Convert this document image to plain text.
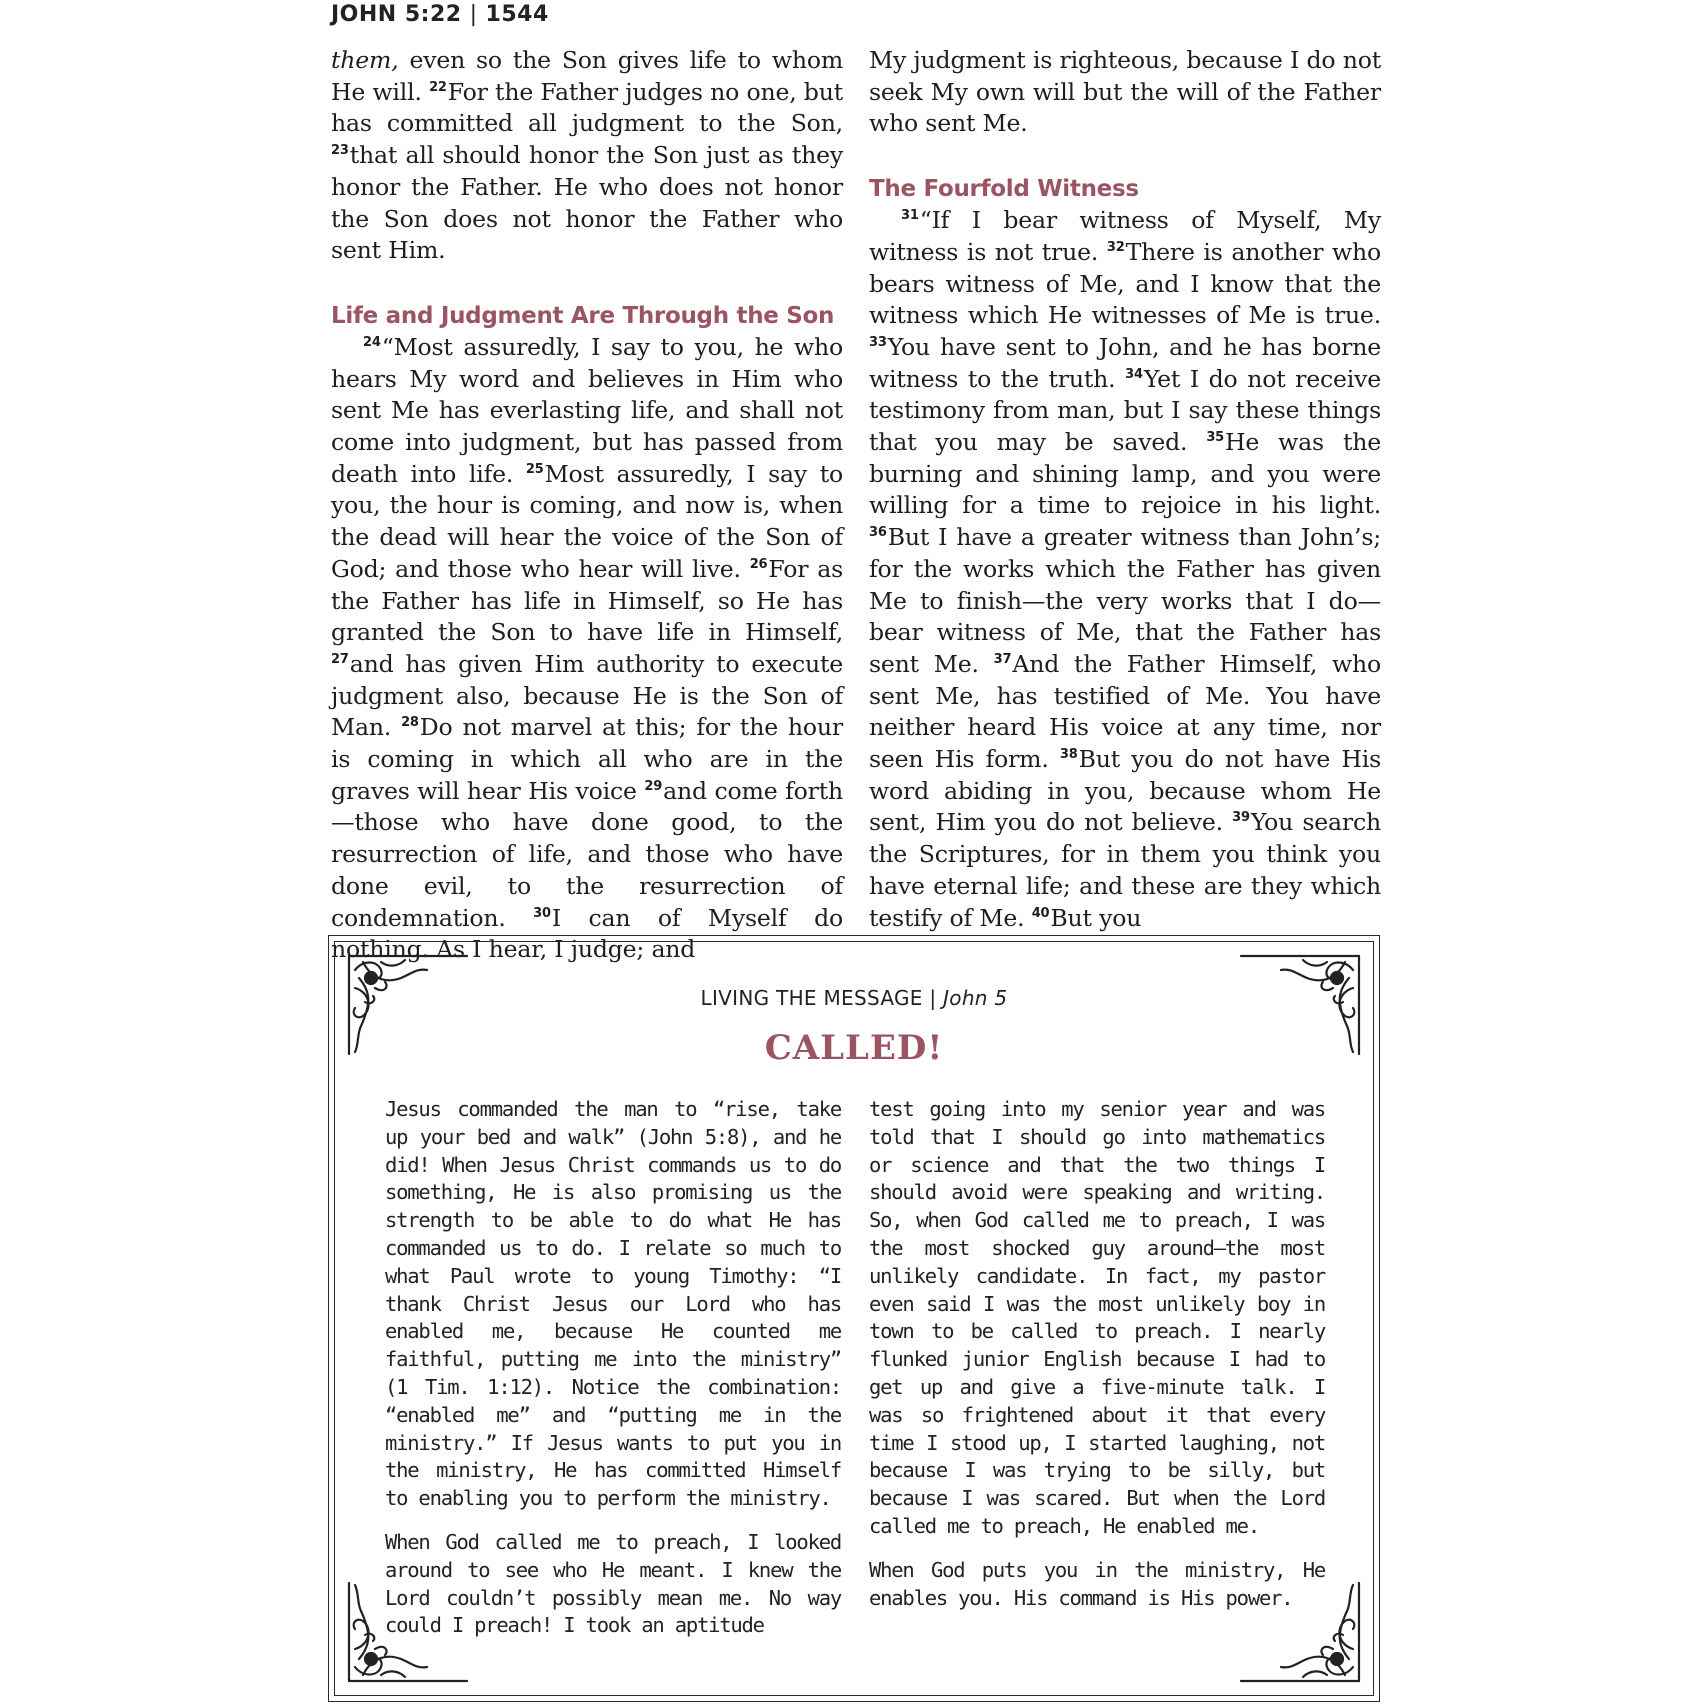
JOHN 5:22 | 1544

them, even so the Son gives life to whom He will. $^{22}$For the Father judges no one, but has committed all judgment to the Son, $^{23}$that all should honor the Son just as they honor the Father. He who does not honor the Son does not honor the Father who sent Him.

Life and Judgment Are Through the Son

$^{24}$“Most assuredly, I say to you, he who hears My word and believes in Him who sent Me has everlasting life, and shall not come into judgment, but has passed from death into life. $^{25}$Most assuredly, I say to you, the hour is coming, and now is, when the dead will hear the voice of the Son of God; and those who hear will live. $^{26}$For as the Father has life in Himself, so He has granted the Son to have life in Himself, $^{27}$and has given Him authority to execute judgment also, because He is the Son of Man. $^{28}$Do not marvel at this; for the hour is coming in which all who are in the graves will hear His voice $^{29}$and come forth—those who have done good, to the resurrection of life, and those who have done evil, to the resurrection of condemnation. $^{30}$I can of Myself do nothing. As I hear, I judge; and

My judgment is righteous, because I do not seek My own will but the will of the Father who sent Me.

The Fourfold Witness

$^{31}$“If I bear witness of Myself, My witness is not true. $^{32}$There is another who bears witness of Me, and I know that the witness which He witnesses of Me is true. $^{33}$You have sent to John, and he has borne witness to the truth. $^{34}$Yet I do not receive testimony from man, but I say these things that you may be saved. $^{35}$He was the burning and shining lamp, and you were willing for a time to rejoice in his light. $^{36}$But I have a greater witness than John’s; for the works which the Father has given Me to finish—the very works that I do—bear witness of Me, that the Father has sent Me. $^{37}$And the Father Himself, who sent Me, has testified of Me. You have neither heard His voice at any time, nor seen His form. $^{38}$But you do not have His word abiding in you, because whom He sent, Him you do not believe. $^{39}$You search the Scriptures, for in them you think you have eternal life; and these are they which testify of Me. $^{40}$But you

LIVING THE MESSAGE | John 5
CALLED!

Jesus commanded the man to “rise, take up your bed and walk” (John 5:8), and he did! When Jesus Christ commands us to do something, He is also promising us the strength to be able to do what He has commanded us to do. I relate so much to what Paul wrote to young Timothy: “I thank Christ Jesus our Lord who has enabled me, because He counted me faithful, putting me into the ministry” (1 Tim. 1:12). Notice the combination: “enabled me” and “putting me in the ministry.” If Jesus wants to put you in the ministry, He has committed Himself to enabling you to perform the ministry.

When God called me to preach, I looked around to see who He meant. I knew the Lord couldn’t possibly mean me. No way could I preach! I took an aptitude

test going into my senior year and was told that I should go into mathematics or science and that the two things I should avoid were speaking and writing. So, when God called me to preach, I was the most shocked guy around—the most unlikely candidate. In fact, my pastor even said I was the most unlikely boy in town to be called to preach. I nearly flunked junior English because I had to get up and give a five-minute talk. I was so frightened about it that every time I stood up, I started laughing, not because I was trying to be silly, but because I was scared. But when the Lord called me to preach, He enabled me.

When God puts you in the ministry, He enables you. His command is His power.
